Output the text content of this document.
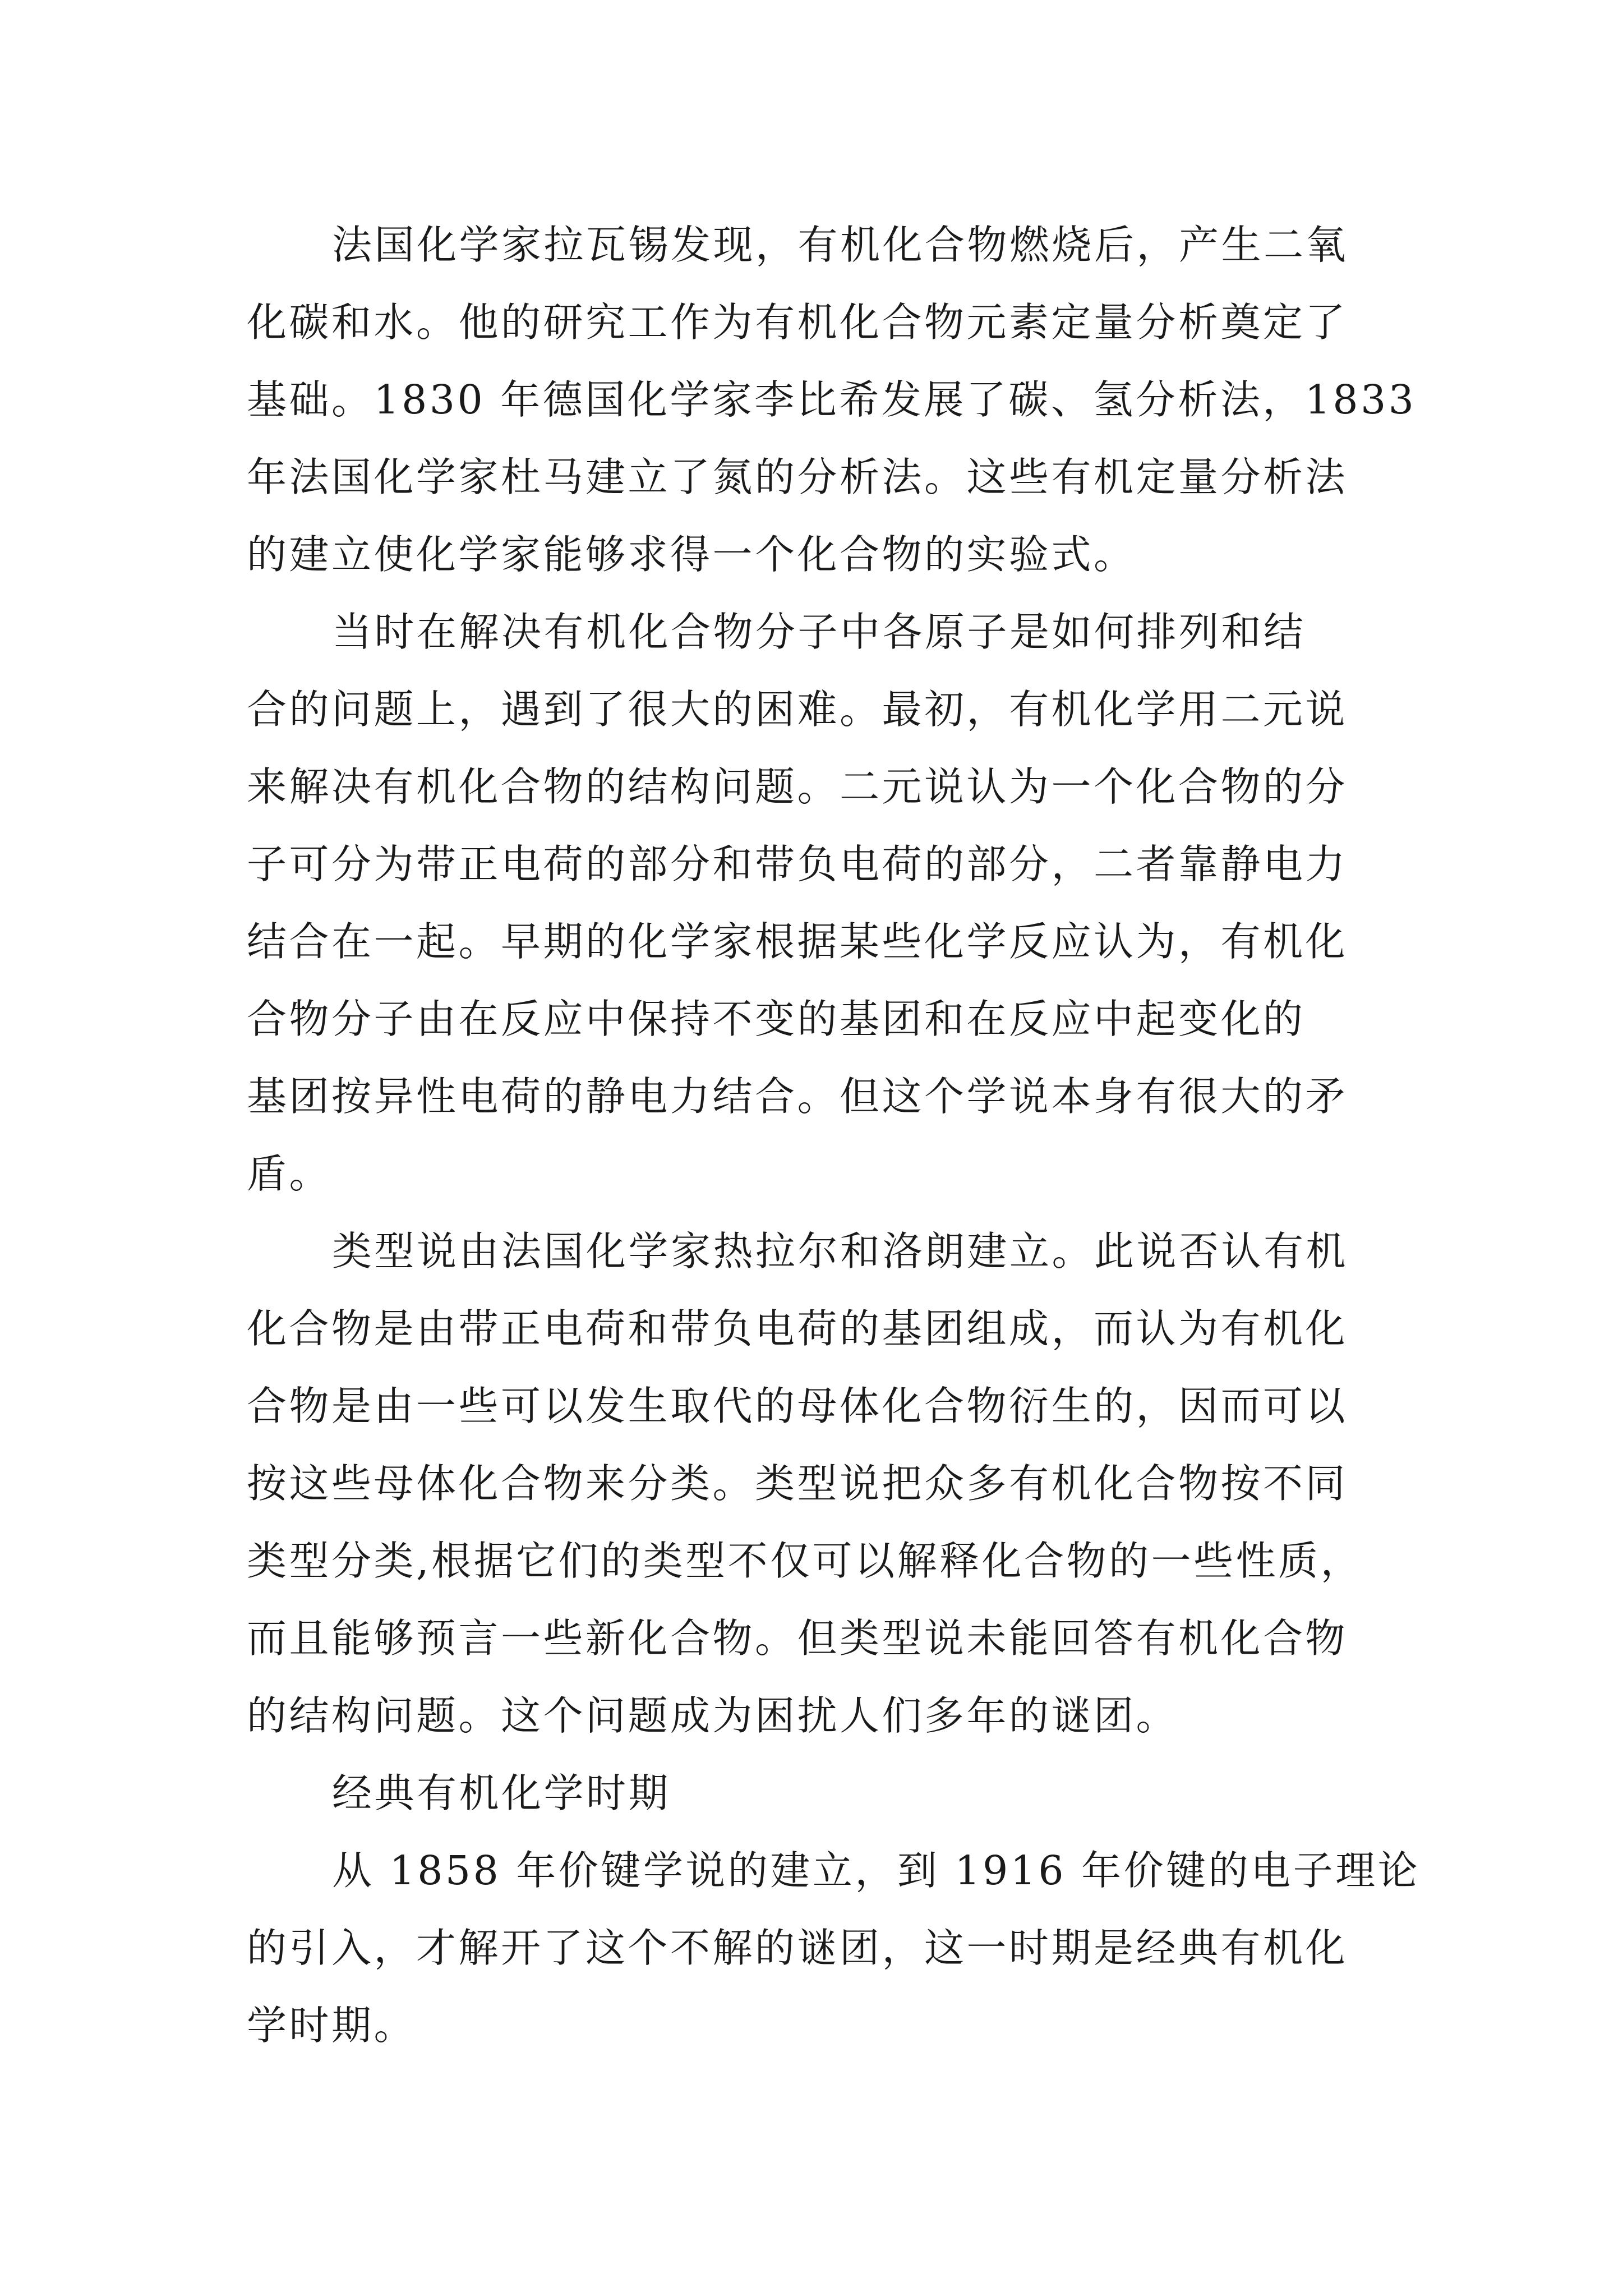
法国化学家拉瓦锡发现，有机化合物燃烧后，产生二氧
化碳和水。他的研究工作为有机化合物元素定量分析奠定了
基础。1830 年德国化学家李比希发展了碳、氢分析法，1833
年法国化学家杜马建立了氮的分析法。这些有机定量分析法
的建立使化学家能够求得一个化合物的实验式。
当时在解决有机化合物分子中各原子是如何排列和结
合的问题上，遇到了很大的困难。最初，有机化学用二元说
来解决有机化合物的结构问题。二元说认为一个化合物的分
子可分为带正电荷的部分和带负电荷的部分，二者靠静电力
结合在一起。早期的化学家根据某些化学反应认为，有机化
合物分子由在反应中保持不变的基团和在反应中起变化的
基团按异性电荷的静电力结合。但这个学说本身有很大的矛
盾。
类型说由法国化学家热拉尔和洛朗建立。此说否认有机
化合物是由带正电荷和带负电荷的基团组成，而认为有机化
合物是由一些可以发生取代的母体化合物衍生的，因而可以
按这些母体化合物来分类。类型说把众多有机化合物按不同
类型分类,根据它们的类型不仅可以解释化合物的一些性质，
而且能够预言一些新化合物。但类型说未能回答有机化合物
的结构问题。这个问题成为困扰人们多年的谜团。
经典有机化学时期
从 1858 年价键学说的建立，到 1916 年价键的电子理论
的引入，才解开了这个不解的谜团，这一时期是经典有机化
学时期。
